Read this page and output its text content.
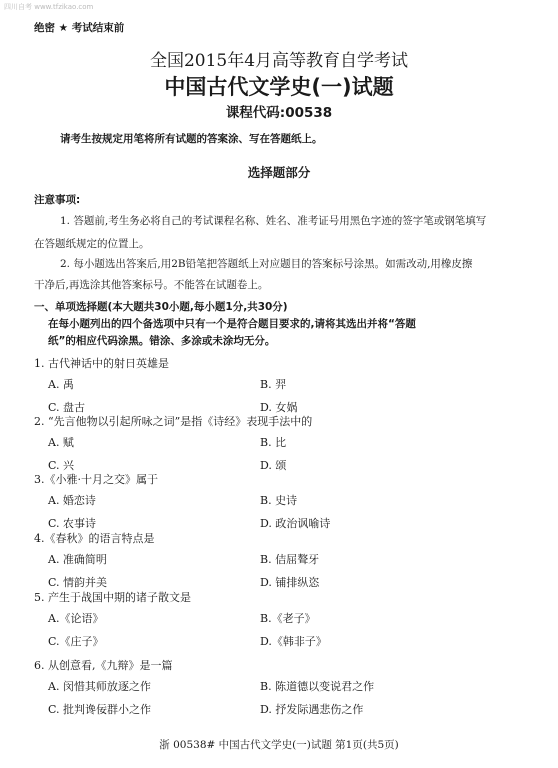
四川自考 www.tfzikao.com
绝密 ★ 考试结束前
全国2015年4月高等教育自学考试
中国古代文学史(一)试题
课程代码:00538
请考生按规定用笔将所有试题的答案涂、写在答题纸上。
选择题部分
注意事项:
1. 答题前,考生务必将自己的考试课程名称、姓名、准考证号用黑色字迹的签字笔或钢笔填写
在答题纸规定的位置上。
2. 每小题选出答案后,用2B铅笔把答题纸上对应题目的答案标号涂黑。如需改动,用橡皮擦
干净后,再选涂其他答案标号。不能答在试题卷上。
一、单项选择题(本大题共30小题,每小题1分,共30分)
在每小题列出的四个备选项中只有一个是符合题目要求的,请将其选出并将“答题
纸”的相应代码涂黑。错涂、多涂或未涂均无分。
1. 古代神话中的射日英雄是
A. 禹	B. 羿
C. 盘古	D. 女娲
2. “先言他物以引起所咏之词”是指《诗经》表现手法中的
A. 赋	B. 比
C. 兴	D. 颂
3.《小雅·十月之交》属于
A. 婚恋诗	B. 史诗
C. 农事诗	D. 政治讽喻诗
4.《春秋》的语言特点是
A. 准确简明	B. 佶屈聱牙
C. 情韵并美	D. 铺排纵恣
5. 产生于战国中期的诸子散文是
A.《论语》	B.《老子》
C.《庄子》	D.《韩非子》
6. 从创意看,《九辩》是一篇
A. 闵惜其师放逐之作	B. 陈道德以变说君之作
C. 批判谗佞群小之作	D. 抒发际遇悲伤之作
浙 00538# 中国古代文学史(一)试题 第1页(共5页)
